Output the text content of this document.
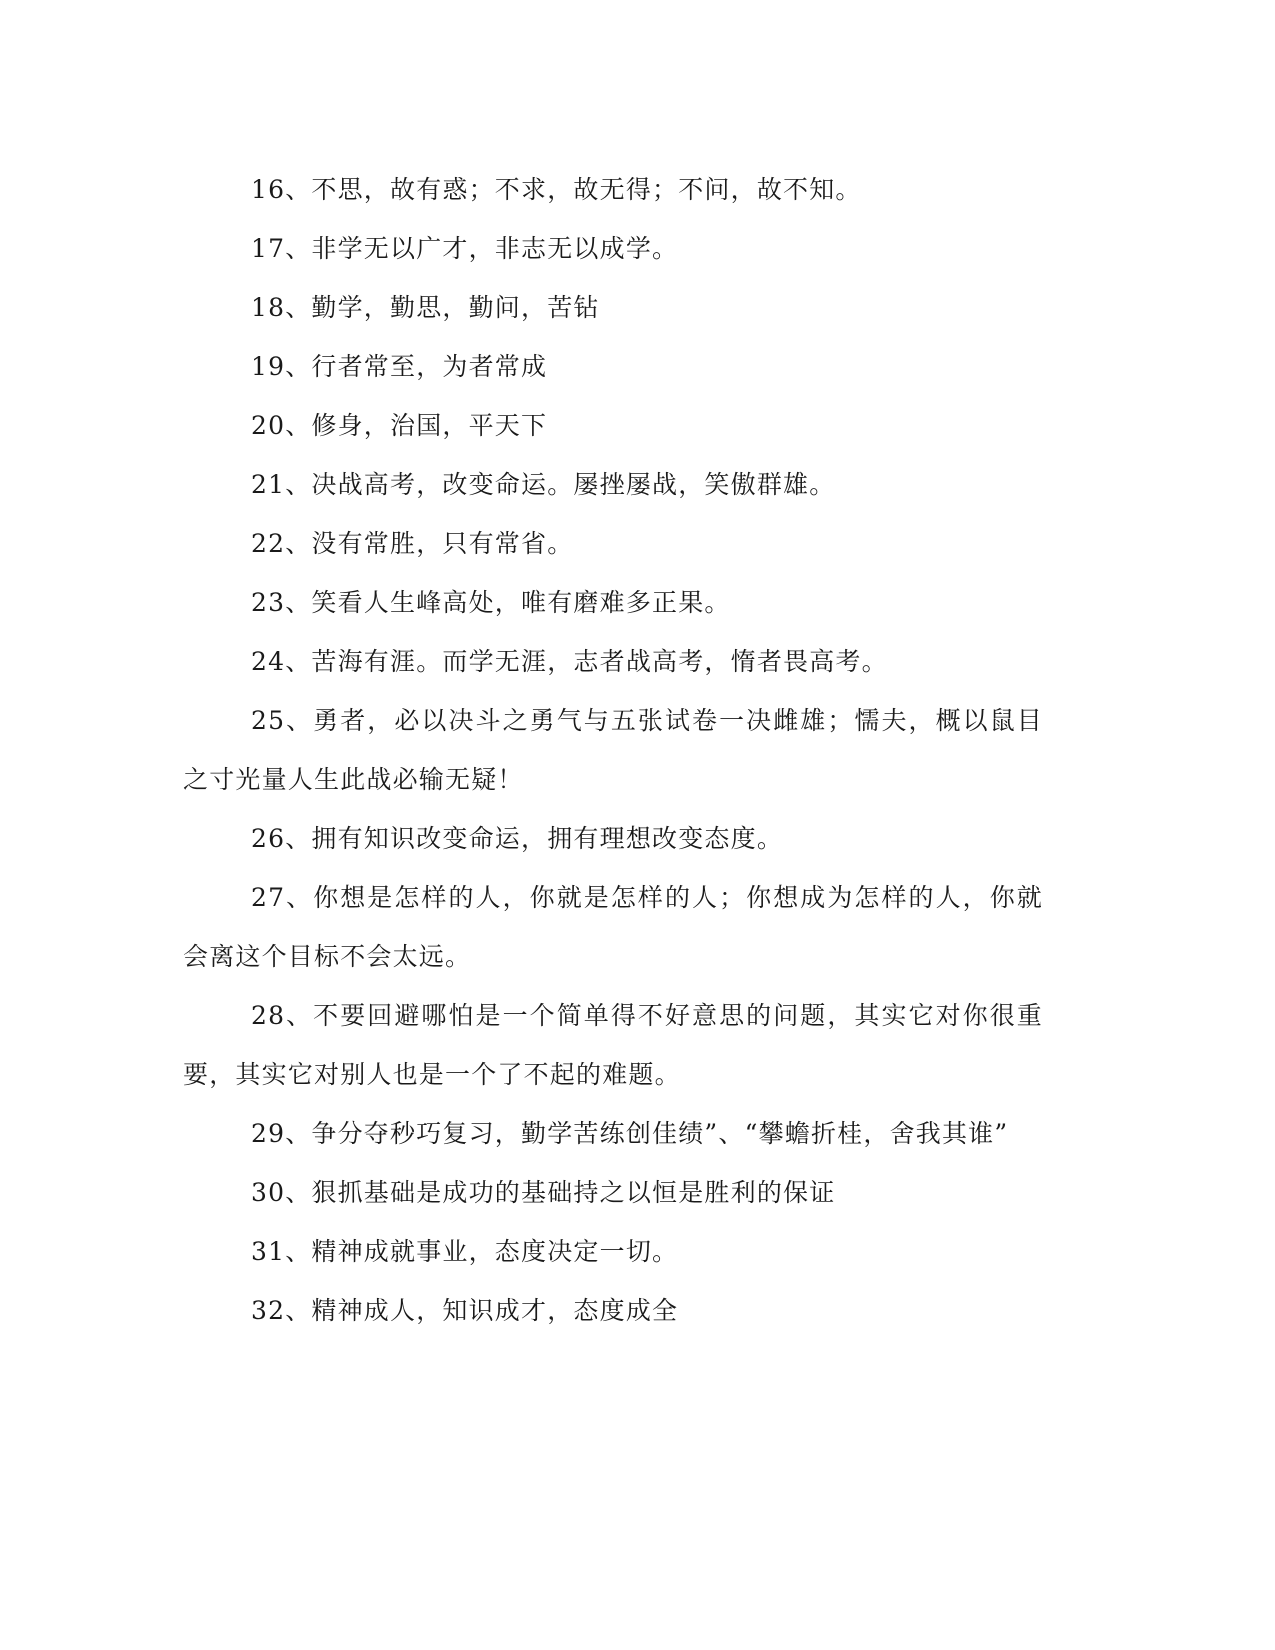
16、不思，故有惑；不求，故无得；不问，故不知。

17、非学无以广才，非志无以成学。

18、勤学，勤思，勤问，苦钻

19、行者常至，为者常成

20、修身，治国，平天下

21、决战高考，改变命运。屡挫屡战，笑傲群雄。

22、没有常胜，只有常省。

23、笑看人生峰高处，唯有磨难多正果。

24、苦海有涯。而学无涯，志者战高考，惰者畏高考。

25、勇者，必以决斗之勇气与五张试卷一决雌雄；懦夫，概以鼠目之寸光量人生此战必输无疑！

26、拥有知识改变命运，拥有理想改变态度。

27、你想是怎样的人，你就是怎样的人；你想成为怎样的人，你就会离这个目标不会太远。

28、不要回避哪怕是一个简单得不好意思的问题，其实它对你很重要，其实它对别人也是一个了不起的难题。

29、争分夺秒巧复习，勤学苦练创佳绩”、“攀蟾折桂，舍我其谁”

30、狠抓基础是成功的基础持之以恒是胜利的保证

31、精神成就事业，态度决定一切。

32、精神成人，知识成才，态度成全
